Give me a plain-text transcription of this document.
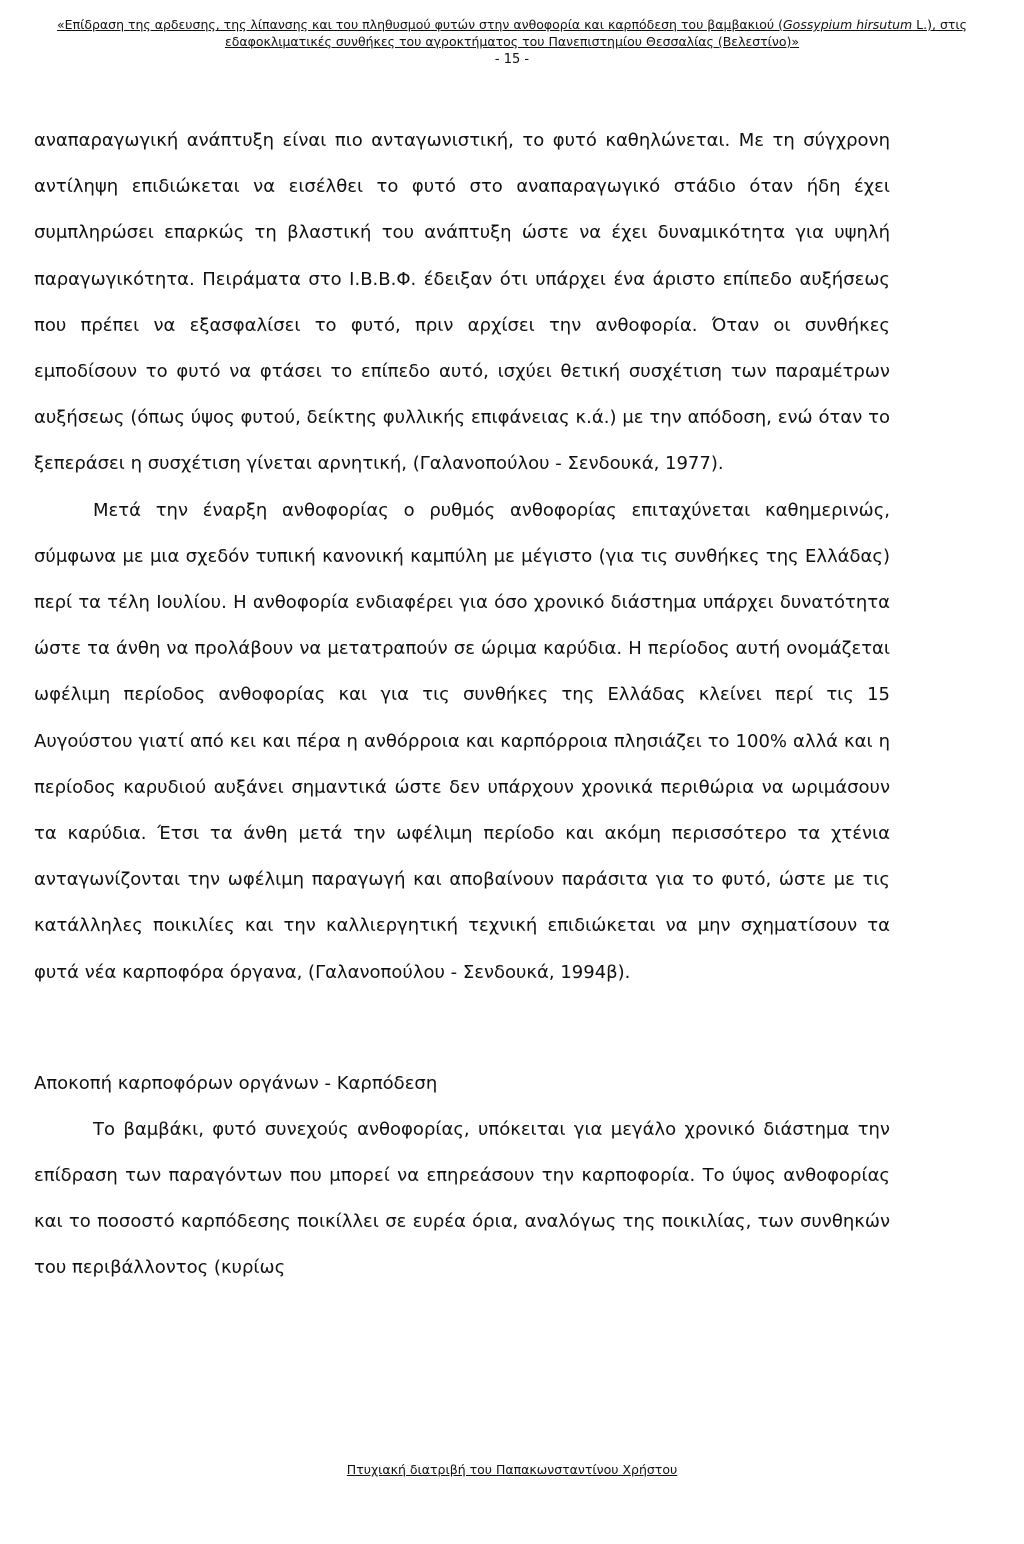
«Επίδραση της αρδευσης, της λίπανσης και του πληθυσμού φυτών στην ανθοφορία και καρπόδεση του βαμβακιού (Gossypium hirsutum L.), στις εδαφοκλιματικές συνθήκες του αγροκτήματος του Πανεπιστημίου Θεσσαλίας (Βελεστίνο)»
- 15 -

αναπαραγωγική ανάπτυξη είναι πιο ανταγωνιστική, το φυτό καθηλώνεται. Με τη σύγχρονη αντίληψη επιδιώκεται να εισέλθει το φυτό στο αναπαραγωγικό στάδιο όταν ήδη έχει συμπληρώσει επαρκώς τη βλαστική του ανάπτυξη ώστε να έχει δυναμικότητα για υψηλή παραγωγικότητα. Πειράματα στο Ι.Β.Β.Φ. έδειξαν ότι υπάρχει ένα άριστο επίπεδο αυξήσεως που πρέπει να εξασφαλίσει το φυτό, πριν αρχίσει την ανθοφορία. Όταν οι συνθήκες εμποδίσουν το φυτό να φτάσει το επίπεδο αυτό, ισχύει θετική συσχέτιση των παραμέτρων αυξήσεως (όπως ύψος φυτού, δείκτης φυλλικής επιφάνειας κ.ά.) με την απόδοση, ενώ όταν το ξεπεράσει η συσχέτιση γίνεται αρνητική, (Γαλανοπούλου - Σενδουκά, 1977).

Μετά την έναρξη ανθοφορίας ο ρυθμός ανθοφορίας επιταχύνεται καθημερινώς, σύμφωνα με μια σχεδόν τυπική κανονική καμπύλη με μέγιστο (για τις συνθήκες της Ελλάδας) περί τα τέλη Ιουλίου. Η ανθοφορία ενδιαφέρει για όσο χρονικό διάστημα υπάρχει δυνατότητα ώστε τα άνθη να προλάβουν να μετατραπούν σε ώριμα καρύδια. Η περίοδος αυτή ονομάζεται ωφέλιμη περίοδος ανθοφορίας και για τις συνθήκες της Ελλάδας κλείνει περί τις 15 Αυγούστου γιατί από κει και πέρα η ανθόρροια και καρπόρροια πλησιάζει το 100% αλλά και η περίοδος καρυδιού αυξάνει σημαντικά ώστε δεν υπάρχουν χρονικά περιθώρια να ωριμάσουν τα καρύδια. Έτσι τα άνθη μετά την ωφέλιμη περίοδο και ακόμη περισσότερο τα χτένια ανταγωνίζονται την ωφέλιμη παραγωγή και αποβαίνουν παράσιτα για το φυτό, ώστε με τις κατάλληλες ποικιλίες και την καλλιεργητική τεχνική επιδιώκεται να μην σχηματίσουν τα φυτά νέα καρποφόρα όργανα, (Γαλανοπούλου - Σενδουκά, 1994β).

Αποκοπή καρποφόρων οργάνων - Καρπόδεση

Το βαμβάκι, φυτό συνεχούς ανθοφορίας, υπόκειται για μεγάλο χρονικό διάστημα την επίδραση των παραγόντων που μπορεί να επηρεάσουν την καρποφορία. Το ύψος ανθοφορίας και το ποσοστό καρπόδεσης ποικίλλει σε ευρέα όρια, αναλόγως της ποικιλίας, των συνθηκών του περιβάλλοντος (κυρίως

Πτυχιακή διατριβή του Παπακωνσταντίνου Χρήστου
